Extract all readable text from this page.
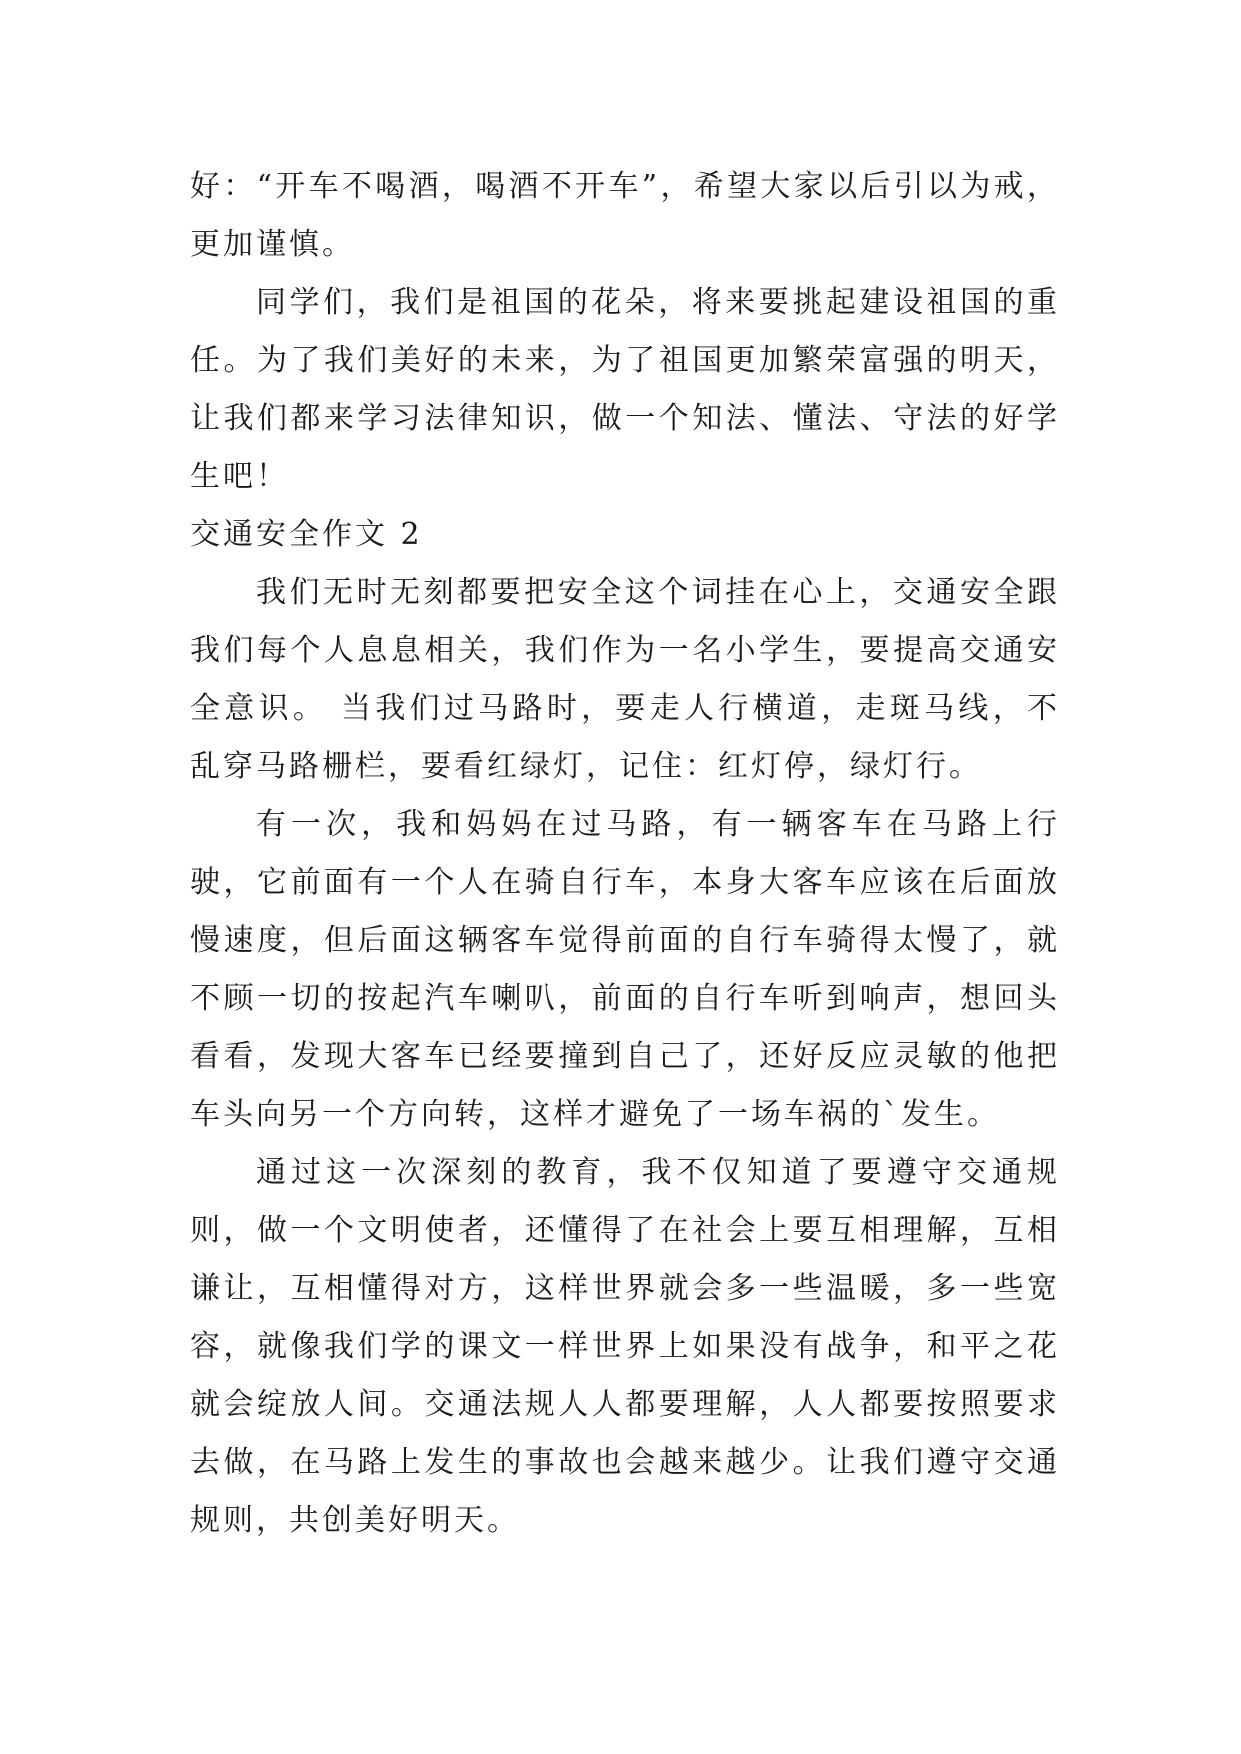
好：“开车不喝酒，喝酒不开车”，希望大家以后引以为戒，更加谨慎。

同学们，我们是祖国的花朵，将来要挑起建设祖国的重任。为了我们美好的未来，为了祖国更加繁荣富强的明天，让我们都来学习法律知识，做一个知法、懂法、守法的好学生吧！

交通安全作文 2

我们无时无刻都要把安全这个词挂在心上，交通安全跟我们每个人息息相关，我们作为一名小学生，要提高交通安全意识。 当我们过马路时，要走人行横道，走斑马线，不乱穿马路栅栏，要看红绿灯，记住：红灯停，绿灯行。

有一次，我和妈妈在过马路，有一辆客车在马路上行驶，它前面有一个人在骑自行车，本身大客车应该在后面放慢速度，但后面这辆客车觉得前面的自行车骑得太慢了，就不顾一切的按起汽车喇叭，前面的自行车听到响声，想回头看看，发现大客车已经要撞到自己了，还好反应灵敏的他把车头向另一个方向转，这样才避免了一场车祸的`发生。

通过这一次深刻的教育，我不仅知道了要遵守交通规则，做一个文明使者，还懂得了在社会上要互相理解，互相谦让，互相懂得对方，这样世界就会多一些温暖，多一些宽容，就像我们学的课文一样世界上如果没有战争，和平之花就会绽放人间。交通法规人人都要理解，人人都要按照要求去做，在马路上发生的事故也会越来越少。让我们遵守交通规则，共创美好明天。
